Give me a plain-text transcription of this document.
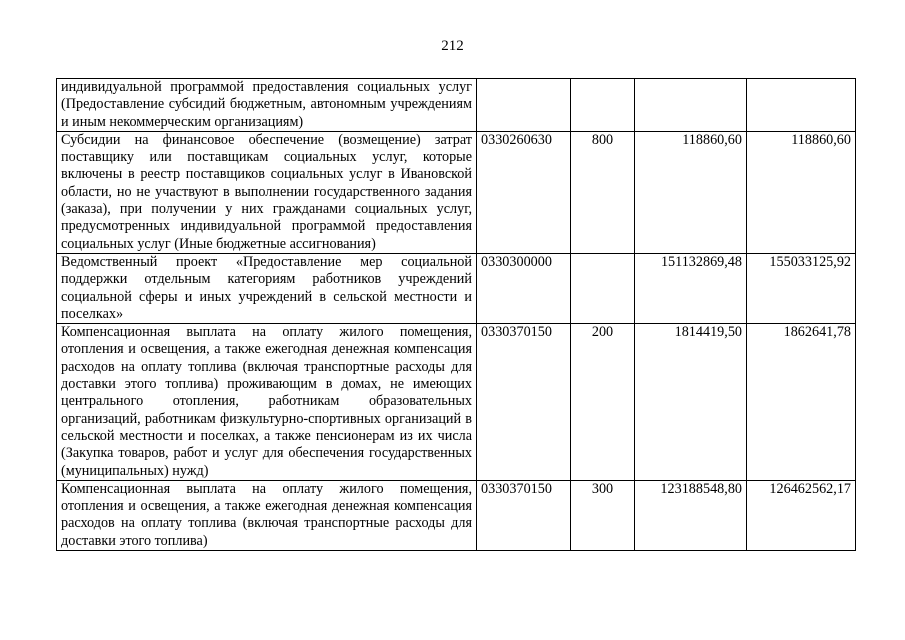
212
индивидуальной программой предоставления социальных услуг (Предоставление субсидий бюджетным, автономным учреждениям и иным некоммерческим организациям)				
Субсидии на финансовое обеспечение (возмещение) затрат поставщику или поставщикам социальных услуг, которые включены в реестр поставщиков социальных услуг в Ивановской области, но не участвуют в выполнении государственного задания (заказа), при получении у них гражданами социальных услуг, предусмотренных индивидуальной программой предоставления социальных услуг (Иные бюджетные ассигнования)	0330260630	800	118860,60	118860,60
Ведомственный проект «Предоставление мер социальной поддержки отдельным категориям работников учреждений социальной сферы и иных учреждений в сельской местности и поселках»	0330300000		151132869,48	155033125,92
Компенсационная выплата на оплату жилого помещения, отопления и освещения, а также ежегодная денежная компенсация расходов на оплату топлива (включая транспортные расходы для доставки этого топлива) проживающим в домах, не имеющих центрального отопления, работникам образовательных организаций, работникам физкультурно-спортивных организаций в сельской местности и поселках, а также пенсионерам из их числа (Закупка товаров, работ и услуг для обеспечения государственных (муниципальных) нужд)	0330370150	200	1814419,50	1862641,78
Компенсационная выплата на оплату жилого помещения, отопления и освещения, а также ежегодная денежная компенсация расходов на оплату топлива (включая транспортные расходы для доставки этого топлива)	0330370150	300	123188548,80	126462562,17
